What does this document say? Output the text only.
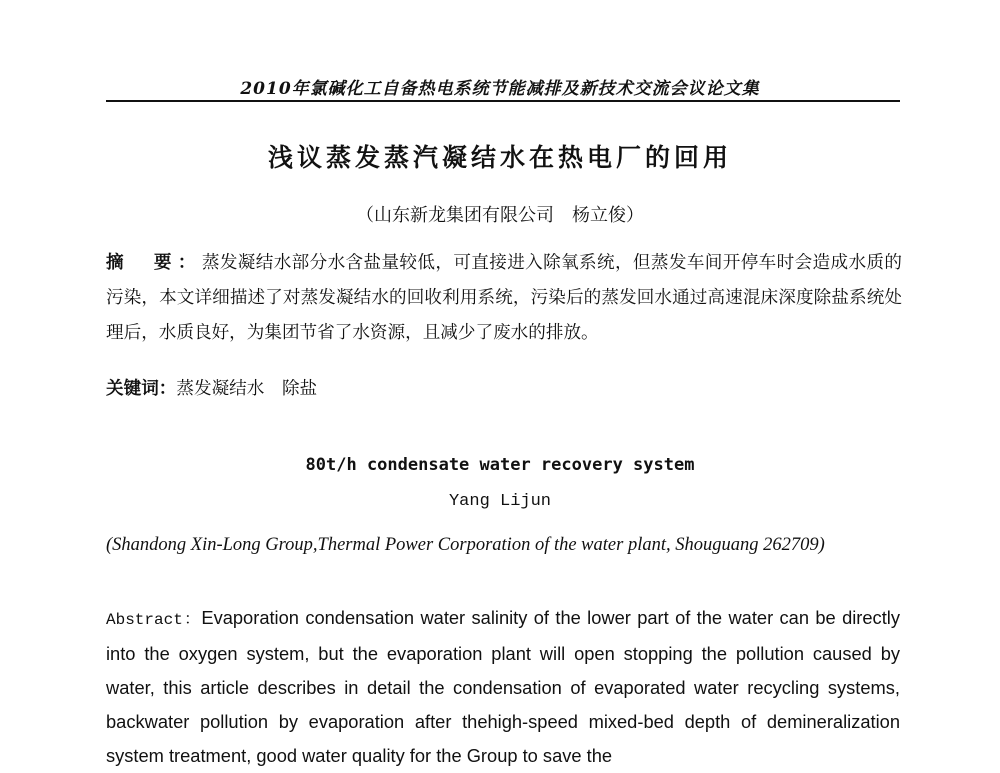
2010年氯碱化工自备热电系统节能减排及新技术交流会议论文集
浅议蒸发蒸汽凝结水在热电厂的回用
（山东新龙集团有限公司　杨立俊）

摘　要：蒸发凝结水部分水含盐量较低，可直接进入除氧系统，但蒸发车间开停车时会造成水质的污染，本文详细描述了对蒸发凝结水的回收利用系统，污染后的蒸发回水通过高速混床深度除盐系统处理后，水质良好，为集团节省了水资源，且减少了废水的排放。

关键词：蒸发凝结水　除盐

80t/h condensate water recovery system
Yang Lijun

(Shandong Xin-Long Group,Thermal Power Corporation of the water plant, Shouguang 262709)

Abstract：Evaporation condensation water salinity of the lower part of the water can be directly into the oxygen system, but the evaporation plant will open stopping the pollution caused by water, this article describes in detail the condensation of evaporated water recycling systems, backwater pollution by evaporation after thehigh-speed mixed-bed depth of demineralization system treatment, good water quality for the Group to save the
